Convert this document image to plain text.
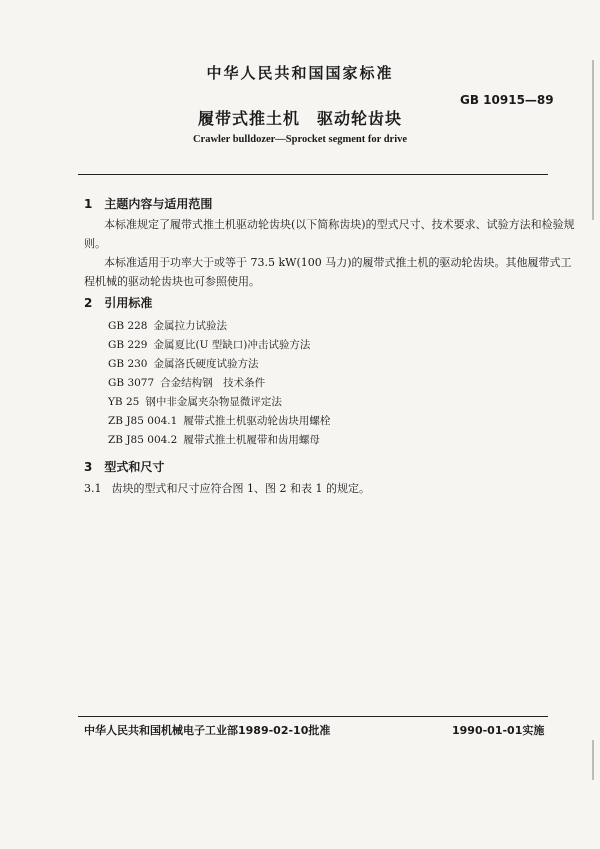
中华人民共和国国家标准
GB 10915—89
履带式推土机　驱动轮齿块
Crawler bulldozer—Sprocket segment for drive
1　主题内容与适用范围
本标准规定了履带式推土机驱动轮齿块(以下简称齿块)的型式尺寸、技术要求、试验方法和检验规
则。
本标准适用于功率大于或等于 73.5 kW(100 马力)的履带式推土机的驱动轮齿块。其他履带式工
程机械的驱动轮齿块也可参照使用。
2　引用标准
GB 228 金属拉力试验法
GB 229 金属夏比(U 型缺口)冲击试验方法
GB 230 金属洛氏硬度试验方法
GB 3077 合金结构钢　技术条件
YB 25 钢中非金属夹杂物显微评定法
ZB J85 004.1 履带式推土机驱动轮齿块用螺栓
ZB J85 004.2 履带式推土机履带和齿用螺母
3　型式和尺寸
3.1 齿块的型式和尺寸应符合图 1、图 2 和表 1 的规定。
中华人民共和国机械电子工业部1989-02-10批准	1990-01-01实施
